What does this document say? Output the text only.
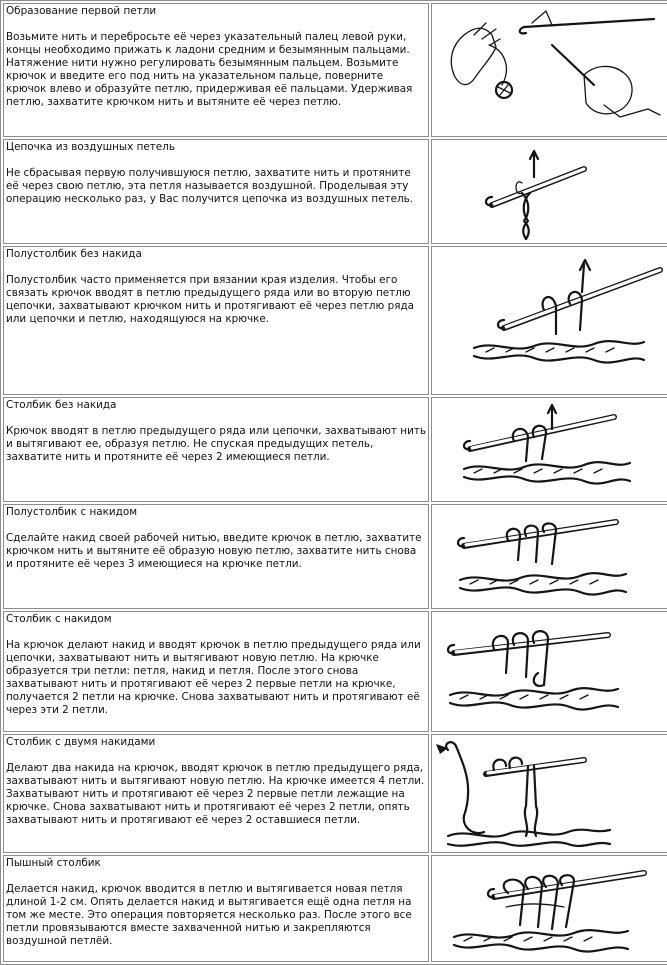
Образование первой петли
Возьмите нить и перебросьте её через указательный палец левой руки, концы необходимо прижать к ладони средним и безымянным пальцами. Натяжение нити нужно регулировать безымянным пальцем. Возьмите крючок и введите его под нить на указательном пальце, поверните крючок влево и образуйте петлю, придерживая её пальцами. Удерживая петлю, захватите крючком нить и вытяните её через петлю.

Цепочка из воздушных петель
Не сбрасывая первую получившуюся петлю, захватите нить и протяните её через свою петлю, эта петля называется воздушной. Проделывая эту операцию несколько раз, у Вас получится цепочка из воздушных петель.

Полустолбик без накида
Полустолбик часто применяется при вязании края изделия. Чтобы его связать крючок вводят в петлю предыдущего ряда или во вторую петлю цепочки, захватывают крючком нить и протягивают её через петлю ряда или цепочки и петлю, находящуюся на крючке.

Столбик без накида
Крючок вводят в петлю предыдущего ряда или цепочки, захватывают нить и вытягивают ее, образуя петлю. Не спуская предыдущих петель, захватите нить и протяните её через 2 имеющиеся петли.

Полустолбик с накидом
Сделайте накид своей рабочей нитью, введите крючок в петлю, захватите крючком нить и вытяните её образую новую петлю, захватите нить снова и протяните её через 3 имеющиеся на крючке петли.

Столбик с накидом
На крючок делают накид и вводят крючок в петлю предыдущего ряда или цепочки, захватывают нить и вытягивают новую петлю. На крючке образуется три петли: петля, накид и петля. После этого снова захватывают нить и протягивают её через 2 первые петли на крючке, получается 2 петли на крючке. Снова захватывают нить и протягивают её через эти 2 петли.

Столбик с двумя накидами
Делают два накида на крючок, вводят крючок в петлю предыдущего ряда, захватывают нить и вытягивают новую петлю. На крючке имеется 4 петли. Захватывают нить и протягивают её через 2 первые петли лежащие на крючке. Снова захватывают нить и протягивают её через 2 петли, опять захватывают нить и протягивают её через 2 оставшиеся петли.

Пышный столбик
Делается накид, крючок вводится в петлю и вытягивается новая петля длиной 1-2 см. Опять делается накид и вытягивается ещё одна петля на том же месте. Это операция повторяется несколько раз. После этого все петли провязываются вместе захваченной нитью и закрепляются воздушной петлёй.
